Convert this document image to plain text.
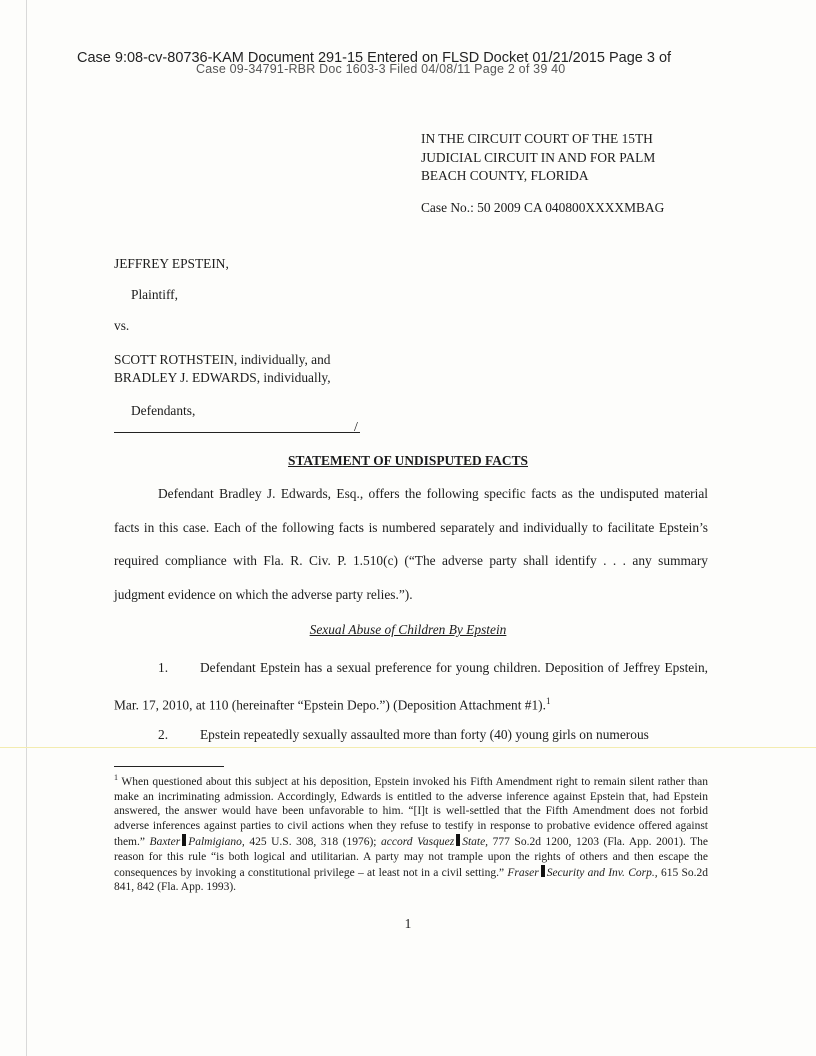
Case 9:08-cv-80736-KAM Document 291-15 Entered on FLSD Docket 01/21/2015 Page 3 of
Case 09-34791-RBR Doc 1603-3 Filed 04/08/11 Page 2 of 39 40
IN THE CIRCUIT COURT OF THE 15TH
JUDICIAL CIRCUIT IN AND FOR PALM
BEACH COUNTY, FLORIDA
Case No.: 50 2009 CA 040800XXXXMBAG
JEFFREY EPSTEIN,
Plaintiff,
vs.
SCOTT ROTHSTEIN, individually, and
BRADLEY J. EDWARDS, individually,
Defendants,
/
STATEMENT OF UNDISPUTED FACTS

Defendant Bradley J. Edwards, Esq., offers the following specific facts as the undisputed material facts in this case. Each of the following facts is numbered separately and individually to facilitate Epstein’s required compliance with Fla. R. Civ. P. 1.510(c) (“The adverse party shall identify . . . any summary judgment evidence on which the adverse party relies.”).

Sexual Abuse of Children By Epstein
1. Defendant Epstein has a sexual preference for young children. Deposition of Jeffrey Epstein, Mar. 17, 2010, at 110 (hereinafter “Epstein Depo.”) (Deposition Attachment #1).$^1$
2. Epstein repeatedly sexually assaulted more than forty (40) young girls on numerous
$^1$ When questioned about this subject at his deposition, Epstein invoked his Fifth Amendment right to remain silent rather than make an incriminating admission. Accordingly, Edwards is entitled to the adverse inference against Epstein that, had Epstein answered, the answer would have been unfavorable to him. “[I]t is well-settled that the Fifth Amendment does not forbid adverse inferences against parties to civil actions when they refuse to testify in response to probative evidence offered against them.” Baxter Palmigiano, 425 U.S. 308, 318 (1976); accord Vasquez State, 777 So.2d 1200, 1203 (Fla. App. 2001). The reason for this rule “is both logical and utilitarian. A party may not trample upon the rights of others and then escape the consequences by invoking a constitutional privilege – at least not in a civil setting.” Fraser Security and Inv. Corp., 615 So.2d 841, 842 (Fla. App. 1993).
1
